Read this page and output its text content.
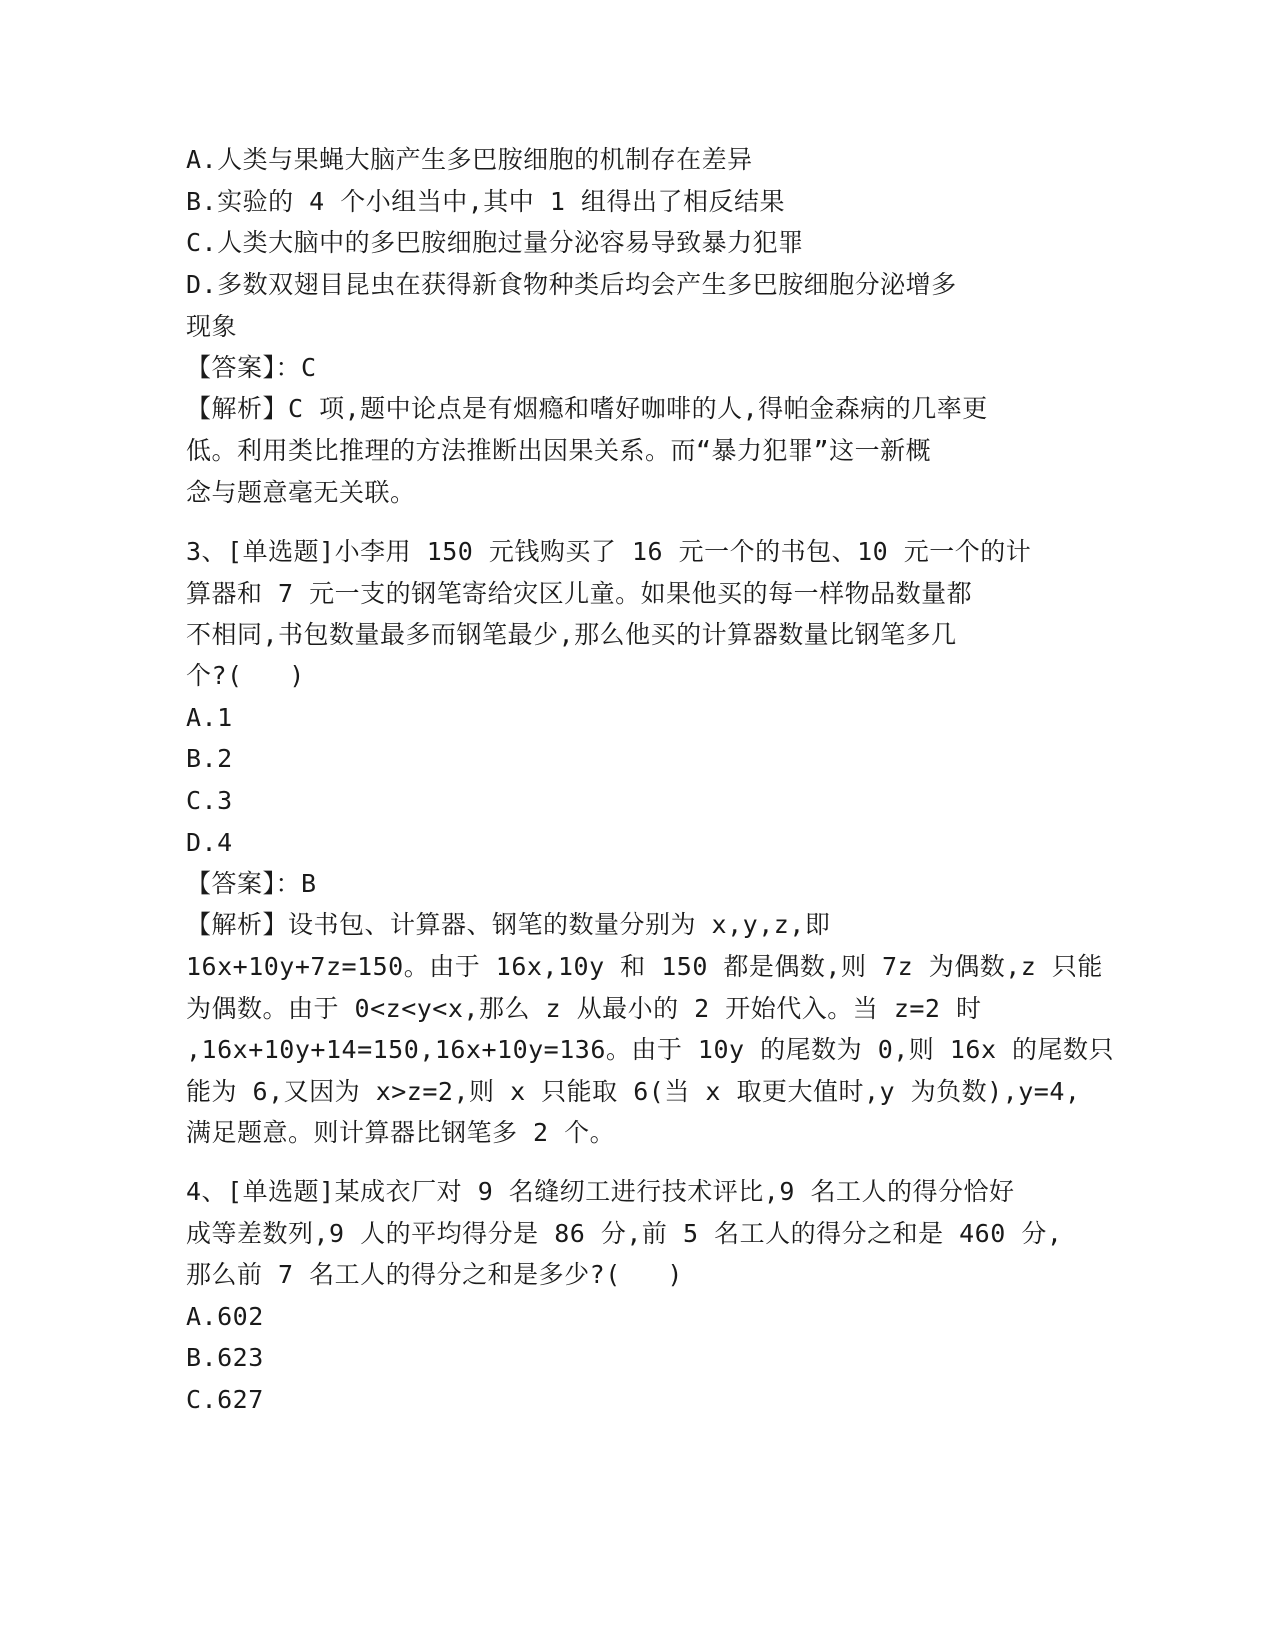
A.人类与果蝇大脑产生多巴胺细胞的机制存在差异
B.实验的 4 个小组当中,其中 1 组得出了相反结果
C.人类大脑中的多巴胺细胞过量分泌容易导致暴力犯罪
D.多数双翅目昆虫在获得新食物种类后均会产生多巴胺细胞分泌增多
现象
【答案】：C
【解析】C 项,题中论点是有烟瘾和嗜好咖啡的人,得帕金森病的几率更
低。利用类比推理的方法推断出因果关系。而“暴力犯罪”这一新概
念与题意毫无关联。
3、[单选题]小李用 150 元钱购买了 16 元一个的书包、10 元一个的计
算器和 7 元一支的钢笔寄给灾区儿童。如果他买的每一样物品数量都
不相同,书包数量最多而钢笔最少,那么他买的计算器数量比钢笔多几
个?(   )
A.1
B.2
C.3
D.4
【答案】：B
【解析】设书包、计算器、钢笔的数量分别为 x,y,z,即
16x+10y+7z=150。由于 16x,10y 和 150 都是偶数,则 7z 为偶数,z 只能
为偶数。由于 0<z<y<x,那么 z 从最小的 2 开始代入。当 z=2 时
,16x+10y+14=150,16x+10y=136。由于 10y 的尾数为 0,则 16x 的尾数只
能为 6,又因为 x>z=2,则 x 只能取 6(当 x 取更大值时,y 为负数),y=4,
满足题意。则计算器比钢笔多 2 个。
4、[单选题]某成衣厂对 9 名缝纫工进行技术评比,9 名工人的得分恰好
成等差数列,9 人的平均得分是 86 分,前 5 名工人的得分之和是 460 分,
那么前 7 名工人的得分之和是多少?(   )
A.602
B.623
C.627
